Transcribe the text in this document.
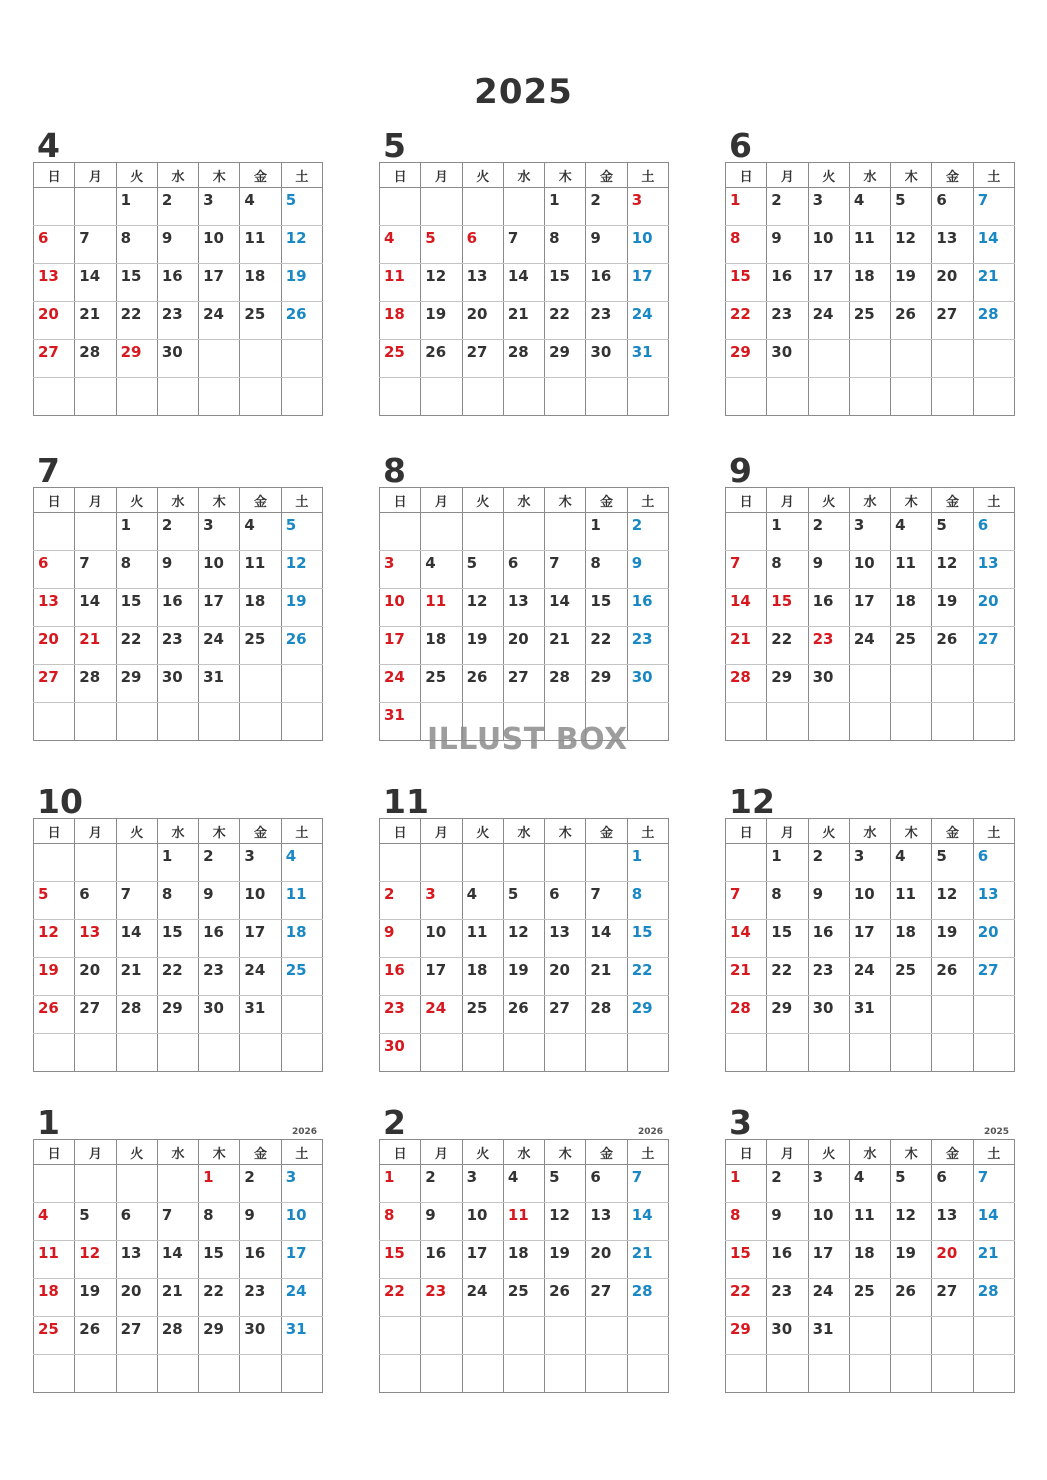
2025
4
日	月	火	水	木	金	土
		1	2	3	4	5
6	7	8	9	10	11	12
13	14	15	16	17	18	19
20	21	22	23	24	25	26
27	28	29	30			

5
日	月	火	水	木	金	土
				1	2	3
4	5	6	7	8	9	10
11	12	13	14	15	16	17
18	19	20	21	22	23	24
25	26	27	28	29	30	31

6
日	月	火	水	木	金	土
1	2	3	4	5	6	7
8	9	10	11	12	13	14
15	16	17	18	19	20	21
22	23	24	25	26	27	28
29	30					

7
日	月	火	水	木	金	土
		1	2	3	4	5
6	7	8	9	10	11	12
13	14	15	16	17	18	19
20	21	22	23	24	25	26
27	28	29	30	31		

8
日	月	火	水	木	金	土
					1	2
3	4	5	6	7	8	9
10	11	12	13	14	15	16
17	18	19	20	21	22	23
24	25	26	27	28	29	30
31						
9
日	月	火	水	木	金	土
	1	2	3	4	5	6
7	8	9	10	11	12	13
14	15	16	17	18	19	20
21	22	23	24	25	26	27
28	29	30				

10
日	月	火	水	木	金	土
			1	2	3	4
5	6	7	8	9	10	11
12	13	14	15	16	17	18
19	20	21	22	23	24	25
26	27	28	29	30	31	

11
日	月	火	水	木	金	土
						1
2	3	4	5	6	7	8
9	10	11	12	13	14	15
16	17	18	19	20	21	22
23	24	25	26	27	28	29
30						
12
日	月	火	水	木	金	土
	1	2	3	4	5	6
7	8	9	10	11	12	13
14	15	16	17	18	19	20
21	22	23	24	25	26	27
28	29	30	31			

1	2026
日	月	火	水	木	金	土
				1	2	3
4	5	6	7	8	9	10
11	12	13	14	15	16	17
18	19	20	21	22	23	24
25	26	27	28	29	30	31

2	2026
日	月	火	水	木	金	土
1	2	3	4	5	6	7
8	9	10	11	12	13	14
15	16	17	18	19	20	21
22	23	24	25	26	27	28

3	2025
日	月	火	水	木	金	土
1	2	3	4	5	6	7
8	9	10	11	12	13	14
15	16	17	18	19	20	21
22	23	24	25	26	27	28
29	30	31				

ILLUST BOX
